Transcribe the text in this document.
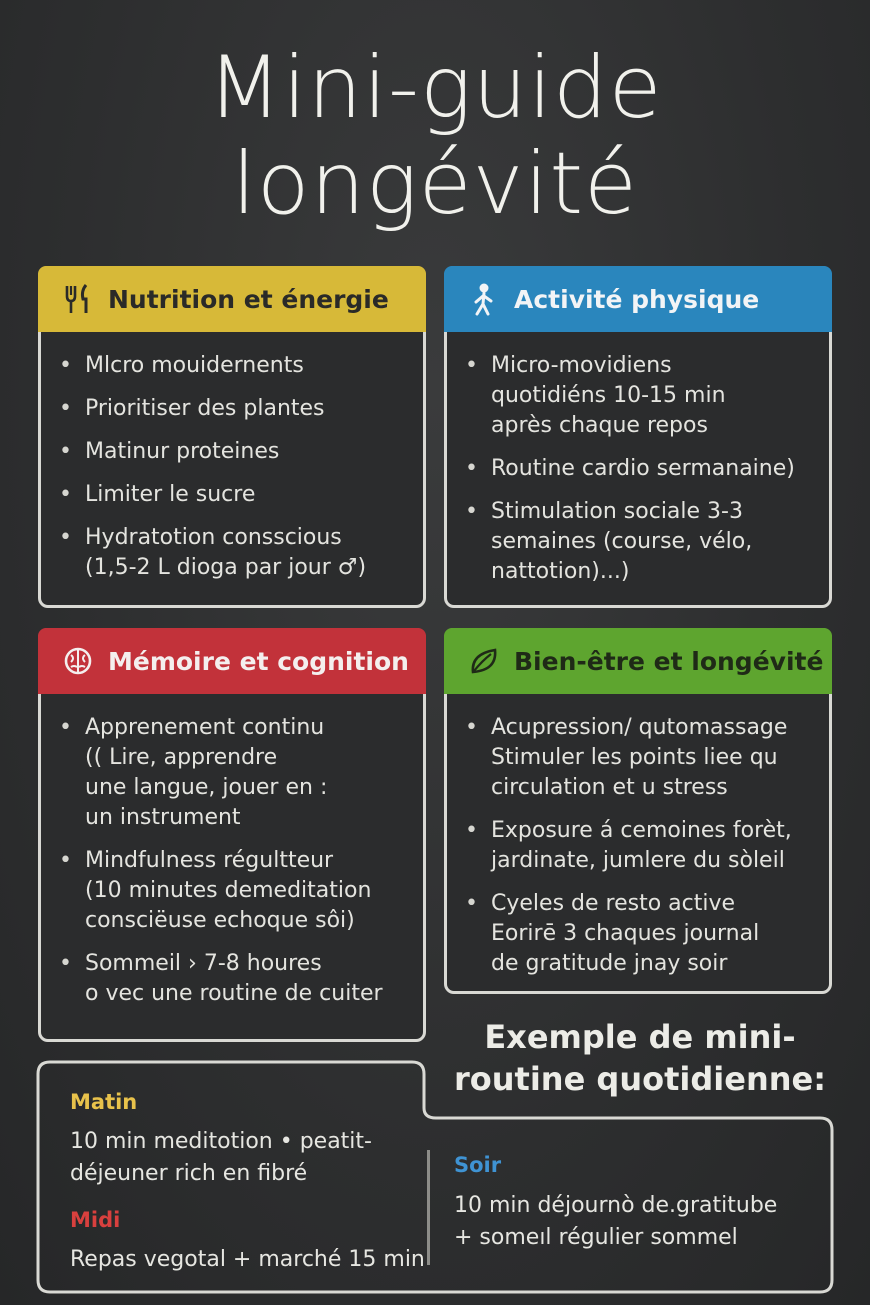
Mini-guide
longévité
Nutrition et énergie
• Mlcro mouidernents
• Prioritiser des plantes
• Matinur proteines
• Limiter le sucre
• Hydratotion consscious
(1,5-2 L dioga par jour ♂)
Activité physique
• Micro-movidiens
quotidiéns 10-15 min
après chaque repos
• Routine cardio sermanaine)
• Stimulation sociale 3-3
semaines (course, vélo,
nattotion)...)
Mémoire et cognition
• Apprenement continu
(( Lire, apprendre
une langue, jouer en :
un instrument
• Mindfulness régultteur
(10 minutes demeditation
consciëuse echoque sôi)
• Sommeil › 7-8 houres
o vec une routine de cuiter
Bien-être et longévité
• Acupression/ qutomassage
Stimuler les points liee qu
circulation et u stress
• Exposure á cemoines forèt,
jardinate, jumlere du sòleil
• Cyeles de resto active
Eorirē 3 chaques journal
de gratitude jnay soir
Exemple de mini-
routine quotidienne:
Matin
10 min meditotion • peatit-
déjeuner rich en fibré
Midi
Repas vegotal + marché 15 min
Soir
10 min déjournò de.gratitube
+ someıl régulier sommel
